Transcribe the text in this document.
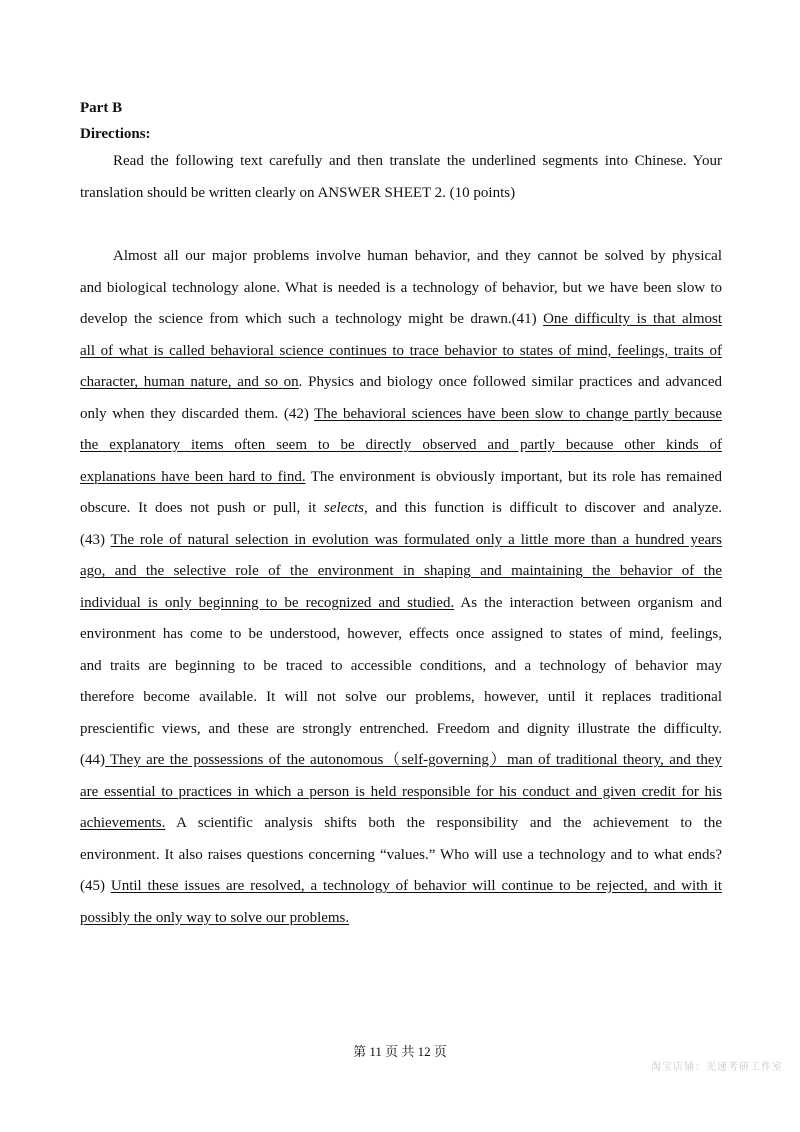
Part B
Directions:
Read the following text carefully and then translate the underlined segments into Chinese. Your
translation should be written clearly on ANSWER SHEET 2. (10 points)
Almost all our major problems involve human behavior, and they cannot be solved by physical
and biological technology alone. What is needed is a technology of behavior, but we have been slow to
develop the science from which such a technology might be drawn.(41) One difficulty is that almost
all of what is called behavioral science continues to trace behavior to states of mind, feelings, traits of
character, human nature, and so on. Physics and biology once followed similar practices and advanced
only when they discarded them. (42) The behavioral sciences have been slow to change partly because
the explanatory items often seem to be directly observed and partly because other kinds of
explanations have been hard to find. The environment is obviously important, but its role has remained
obscure. It does not push or pull, it selects, and this function is difficult to discover and analyze.
(43) The role of natural selection in evolution was formulated only a little more than a hundred years
ago, and the selective role of the environment in shaping and maintaining the behavior of the
individual is only beginning to be recognized and studied. As the interaction between organism and
environment has come to be understood, however, effects once assigned to states of mind, feelings,
and traits are beginning to be traced to accessible conditions, and a technology of behavior may
therefore become available. It will not solve our problems, however, until it replaces traditional
prescientific views, and these are strongly entrenched. Freedom and dignity illustrate the difficulty.
(44) They are the possessions of the autonomous（self-governing）man of traditional theory, and they
are essential to practices in which a person is held responsible for his conduct and given credit for his
achievements. A scientific analysis shifts both the responsibility and the achievement to the
environment. It also raises questions concerning “values.” Who will use a technology and to what ends?
(45) Until these issues are resolved, a technology of behavior will continue to be rejected, and with it
possibly the only way to solve our problems.
第 11 页 共 12 页
淘宝店铺：光速考研工作室
